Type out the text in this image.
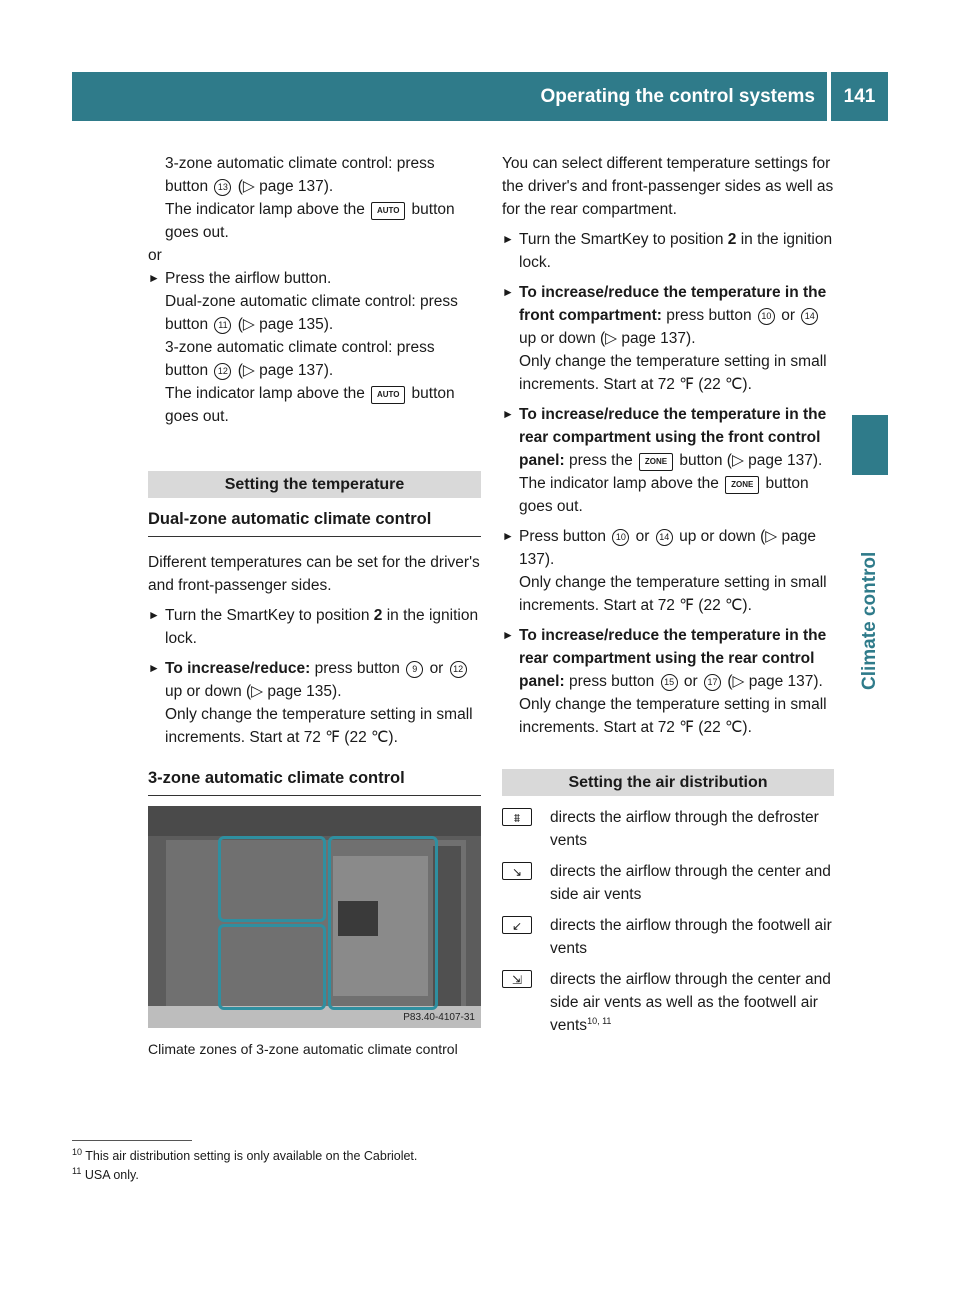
Operating the control systems	141
Climate control

3-zone automatic climate control: press button 13 (▷ page 137).

The indicator lamp above the AUTO button goes out.

or

► Press the airflow button.

Dual-zone automatic climate control: press button 11 (▷ page 135).

3-zone automatic climate control: press button 12 (▷ page 137).

The indicator lamp above the AUTO button goes out.

Setting the temperature
Dual-zone automatic climate control

Different temperatures can be set for the driver's and front-passenger sides.

► Turn the SmartKey to position 2 in the ignition lock.

► To increase/reduce: press button 9 or 12 up or down (▷ page 135).

Only change the temperature setting in small increments. Start at 72 ℉ (22 ℃).

3-zone automatic climate control
P83.40-4107-31
Climate zones of 3-zone automatic climate control

You can select different temperature settings for the driver's and front-passenger sides as well as for the rear compartment.

► Turn the SmartKey to position 2 in the ignition lock.

► To increase/reduce the temperature in the front compartment: press button 10 or 14 up or down (▷ page 137).

Only change the temperature setting in small increments. Start at 72 ℉ (22 ℃).

► To increase/reduce the temperature in the rear compartment using the front control panel: press the ZONE button (▷ page 137).

The indicator lamp above the ZONE button goes out.

► Press button 10 or 14 up or down (▷ page 137).

Only change the temperature setting in small increments. Start at 72 ℉ (22 ℃).

► To increase/reduce the temperature in the rear compartment using the rear control panel: press button 15 or 17 (▷ page 137).

Only change the temperature setting in small increments. Start at 72 ℉ (22 ℃).

Setting the air distribution
⩩	directs the airflow through the defroster vents
↘	directs the airflow through the center and side air vents
↙	directs the airflow through the footwell air vents
⇲	directs the airflow through the center and side air vents as well as the footwell air vents$^{10, 11}$
$^{10}$ This air distribution setting is only available on the Cabriolet.
$^{11}$ USA only.
